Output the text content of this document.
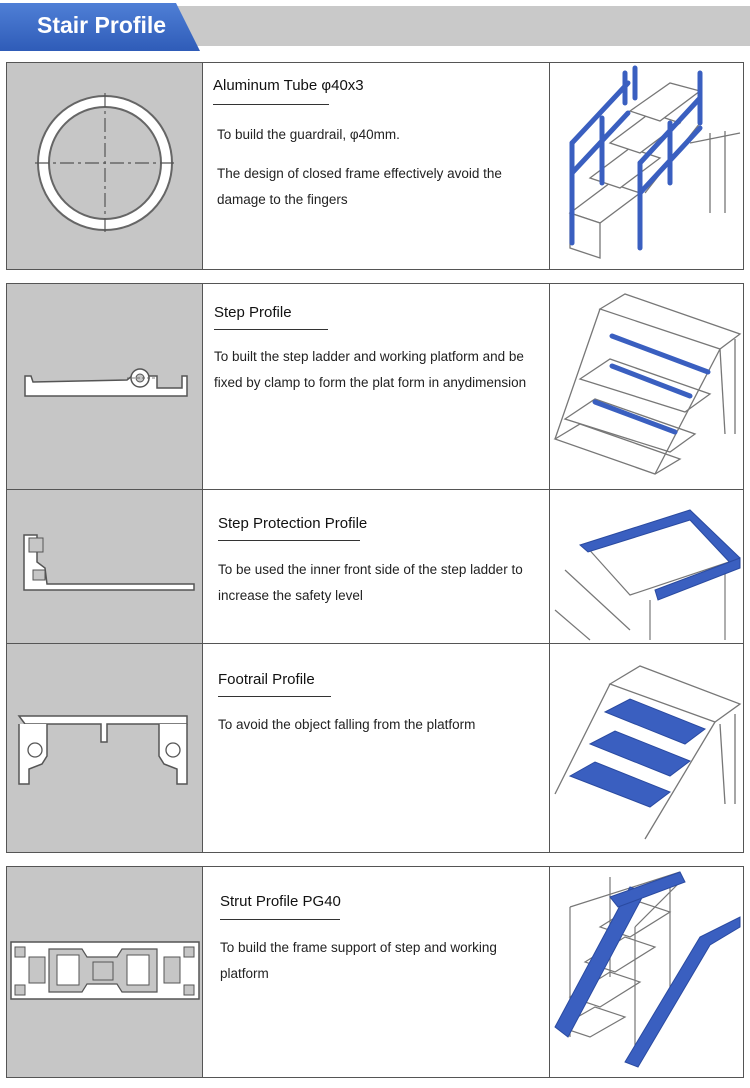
Stair Profile
Aluminum Tube φ40x3
To build the guardrail, φ40mm.
The design of closed frame effectively avoid the damage to the fingers
Step Profile
To built the step ladder and working platform and be fixed by clamp to form the plat form in anydimension
Step Protection Profile
To be used the inner front side of the step ladder to increase the safety level
Footrail Profile
To avoid the object falling from the platform
Strut Profile PG40
To build the frame support of step and working platform
